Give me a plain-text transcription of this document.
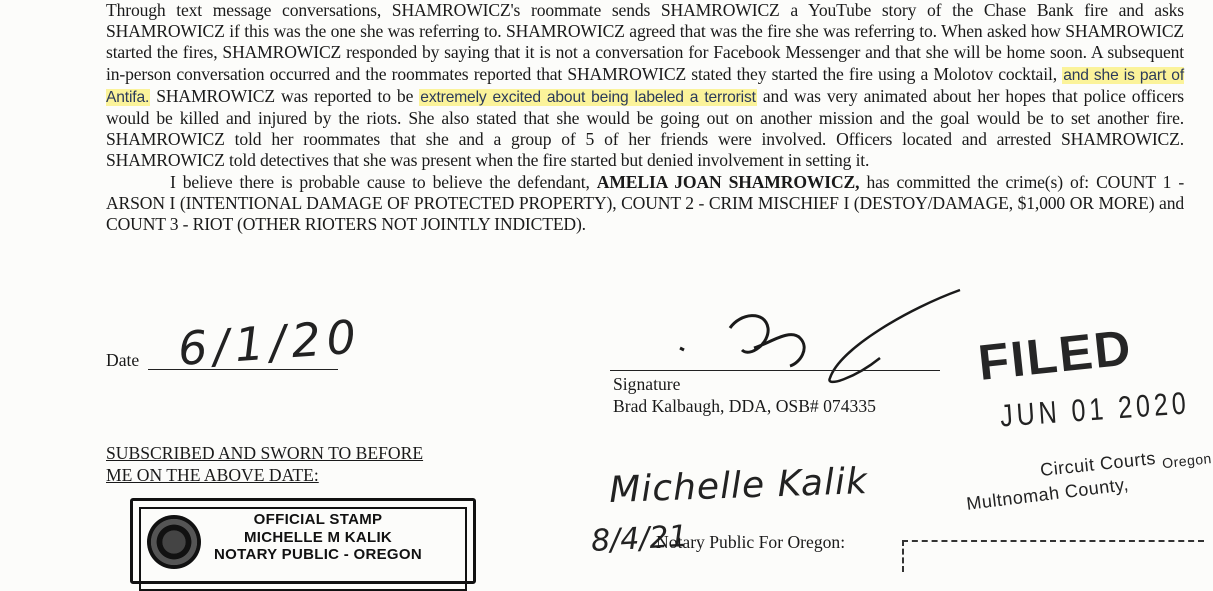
Through text message conversations, SHAMROWICZ's roommate sends SHAMROWICZ a YouTube story of the Chase Bank fire and asks SHAMROWICZ if this was the one she was referring to. SHAMROWICZ agreed that was the fire she was referring to. When asked how SHAMROWICZ started the fires, SHAMROWICZ responded by saying that it is not a conversation for Facebook Messenger and that she will be home soon. A subsequent in-person conversation occurred and the roommates reported that SHAMROWICZ stated they started the fire using a Molotov cocktail, and she is part of Antifa. SHAMROWICZ was reported to be extremely excited about being labeled a terrorist and was very animated about her hopes that police officers would be killed and injured by the riots. She also stated that she would be going out on another mission and the goal would be to set another fire. SHAMROWICZ told her roommates that she and a group of 5 of her friends were involved. Officers located and arrested SHAMROWICZ. SHAMROWICZ told detectives that she was present when the fire started but denied involvement in setting it.

I believe there is probable cause to believe the defendant, AMELIA JOAN SHAMROWICZ, has committed the crime(s) of: COUNT 1 - ARSON I (INTENTIONAL DAMAGE OF PROTECTED PROPERTY), COUNT 2 - CRIM MISCHIEF I (DESTOY/DAMAGE, $1,000 OR MORE) and COUNT 3 - RIOT (OTHER RIOTERS NOT JOINTLY INDICTED).

Date 6/1/20
Signature
Brad Kalbaugh, DDA, OSB# 074335
FILED
JUN 01 2020
Circuit Courts Oregon
Multnomah County,
SUBSCRIBED AND SWORN TO BEFORE
ME ON THE ABOVE DATE:	Michelle Kalik
8/4/21
Notary Public For Oregon:
OFFICIAL STAMP
MICHELLE M KALIK
NOTARY PUBLIC - OREGON
